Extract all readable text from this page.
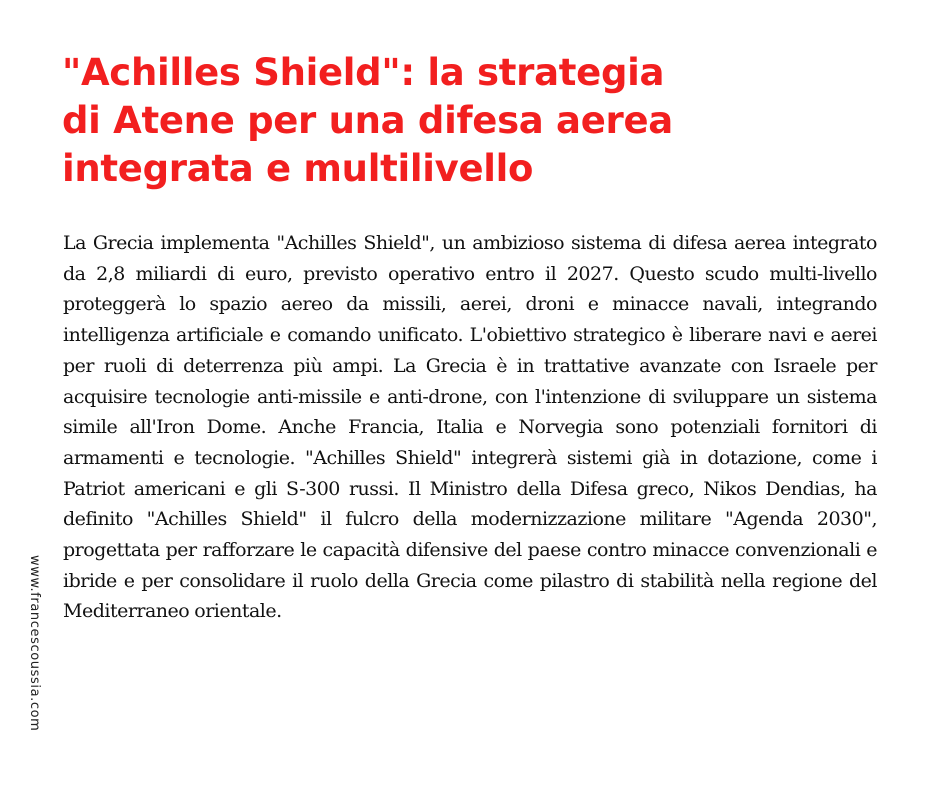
"Achilles Shield": la strategia
di Atene per una difesa aerea
integrata e multilivello

La Grecia implementa "Achilles Shield", un ambizioso sistema di difesa aerea integrato da 2,8 miliardi di euro, previsto operativo entro il 2027. Questo scudo multi-livello proteggerà lo spazio aereo da missili, aerei, droni e minacce navali, integrando intelligenza artificiale e comando unificato. L'obiettivo strategico è liberare navi e aerei per ruoli di deterrenza più ampi. La Grecia è in trattative avanzate con Israele per acquisire tecnologie anti-missile e anti-drone, con l'intenzione di sviluppare un sistema simile all'Iron Dome. Anche Francia, Italia e Norvegia sono potenziali fornitori di armamenti e tecnologie. "Achilles Shield" integrerà sistemi già in dotazione, come i Patriot americani e gli S-300 russi. Il Ministro della Difesa greco, Nikos Dendias, ha definito "Achilles Shield" il fulcro della modernizzazione militare "Agenda 2030", progettata per rafforzare le capacità difensive del paese contro minacce convenzionali e ibride e per consolidare il ruolo della Grecia come pilastro di stabilità nella regione del Mediterraneo orientale.

www.francescoussia.com
